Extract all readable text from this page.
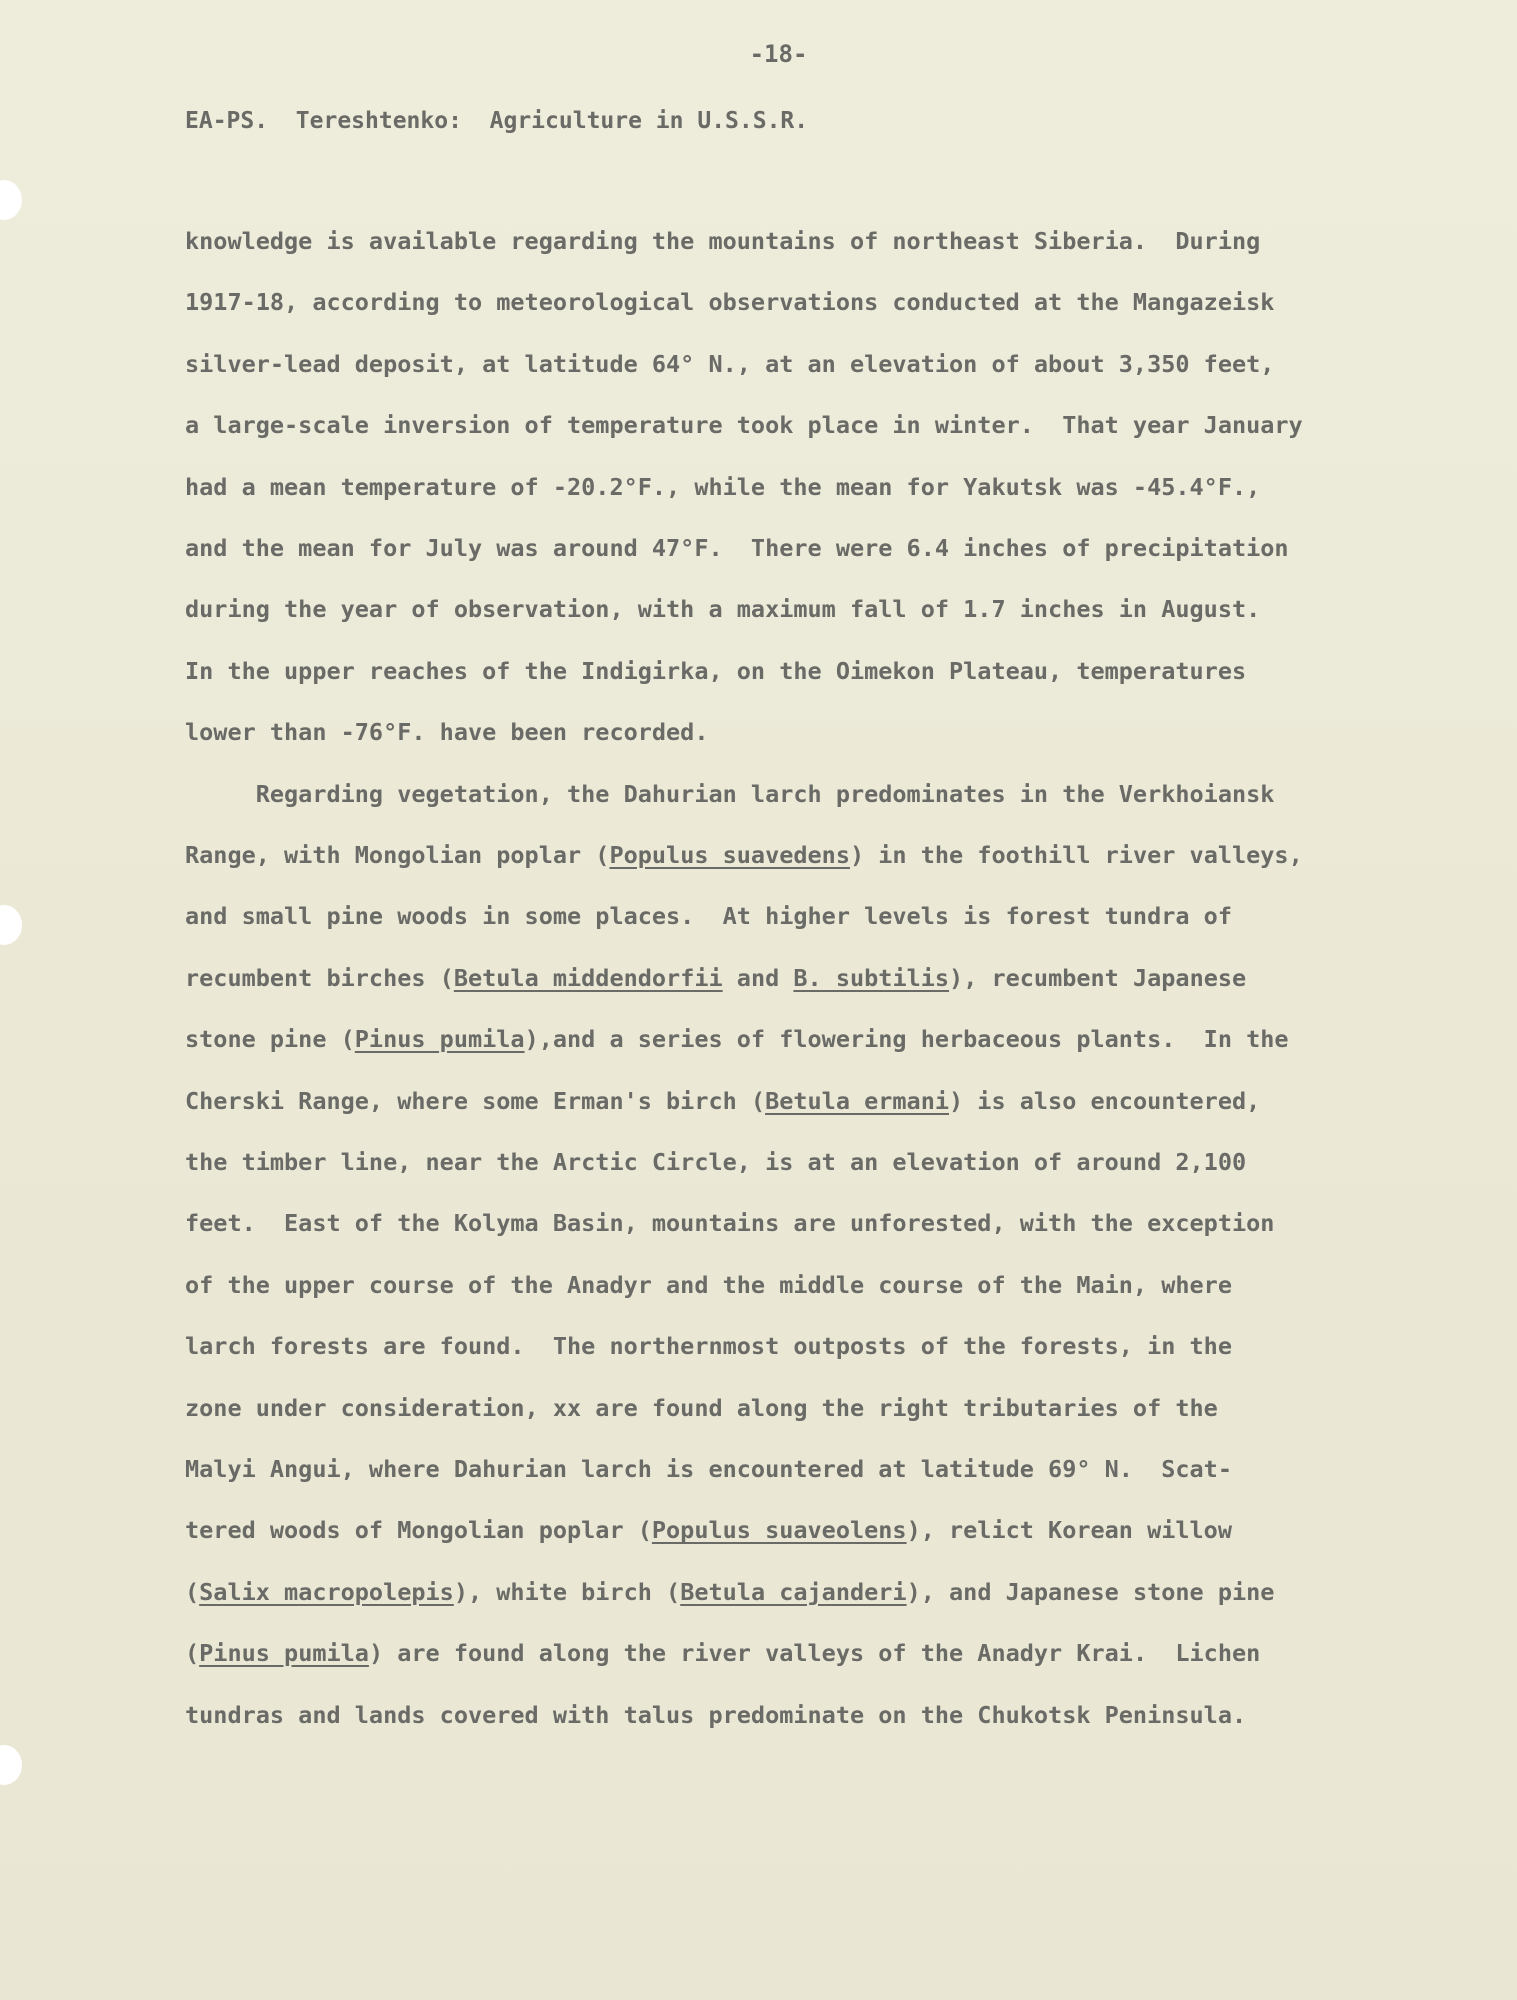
-18-
EA-PS.  Tereshtenko:  Agriculture in U.S.S.R.
knowledge is available regarding the mountains of northeast Siberia.  During
1917-18, according to meteorological observations conducted at the Mangazeisk
silver-lead deposit, at latitude 64° N., at an elevation of about 3,350 feet,
a large-scale inversion of temperature took place in winter.  That year January
had a mean temperature of -20.2°F., while the mean for Yakutsk was -45.4°F.,
and the mean for July was around 47°F.  There were 6.4 inches of precipitation
during the year of observation, with a maximum fall of 1.7 inches in August.
In the upper reaches of the Indigirka, on the Oimekon Plateau, temperatures
lower than -76°F. have been recorded.
Regarding vegetation, the Dahurian larch predominates in the Verkhoiansk
Range, with Mongolian poplar (Populus suavedens) in the foothill river valleys,
and small pine woods in some places.  At higher levels is forest tundra of
recumbent birches (Betula middendorfii and B. subtilis), recumbent Japanese
stone pine (Pinus pumila),and a series of flowering herbaceous plants.  In the
Cherski Range, where some Erman's birch (Betula ermani) is also encountered,
the timber line, near the Arctic Circle, is at an elevation of around 2,100
feet.  East of the Kolyma Basin, mountains are unforested, with the exception
of the upper course of the Anadyr and the middle course of the Main, where
larch forests are found.  The northernmost outposts of the forests, in the
zone under consideration, xx are found along the right tributaries of the
Malyi Angui, where Dahurian larch is encountered at latitude 69° N.  Scat-
tered woods of Mongolian poplar (Populus suaveolens), relict Korean willow
(Salix macropolepis), white birch (Betula cajanderi), and Japanese stone pine
(Pinus pumila) are found along the river valleys of the Anadyr Krai.  Lichen
tundras and lands covered with talus predominate on the Chukotsk Peninsula.
